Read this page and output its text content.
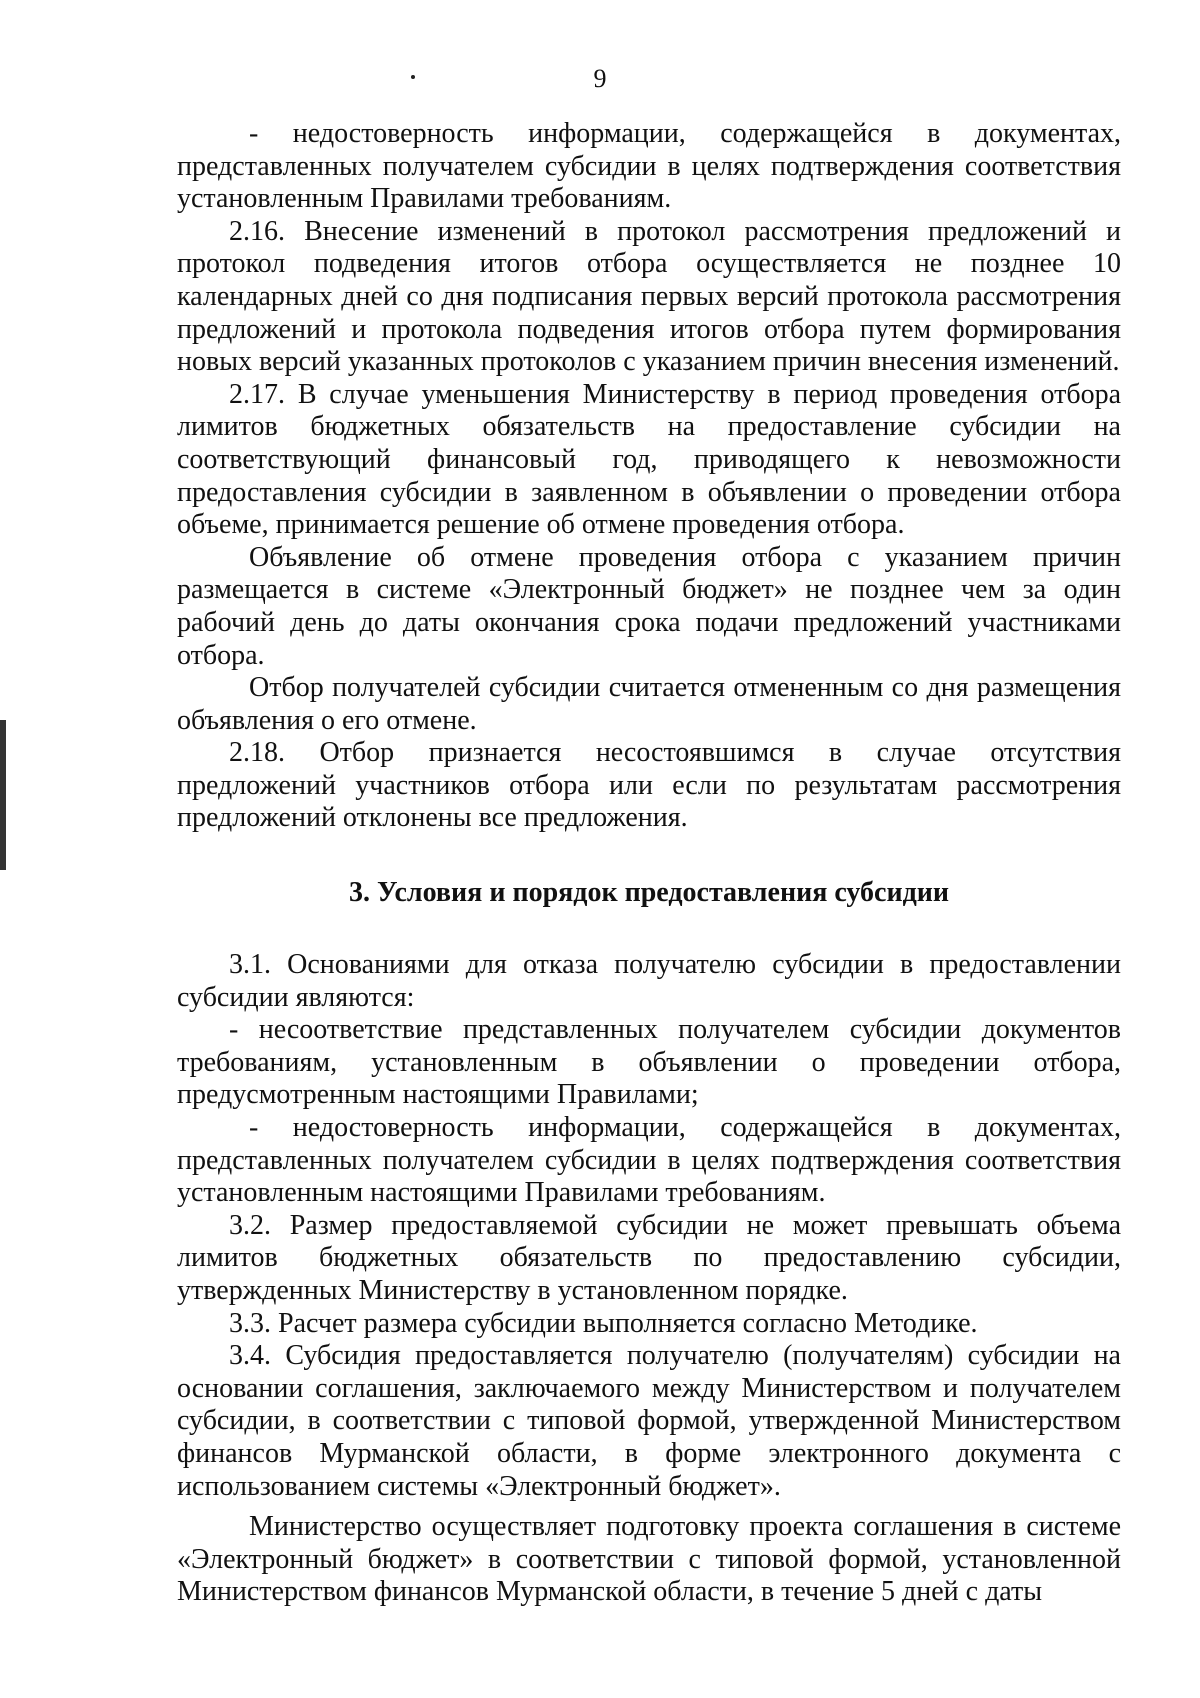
9

- недостоверность информации, содержащейся в документах, представленных получателем субсидии в целях подтверждения соответствия установленным Правилами требованиям.

2.16. Внесение изменений в протокол рассмотрения предложений и протокол подведения итогов отбора осуществляется не позднее 10 календарных дней со дня подписания первых версий протокола рассмотрения предложений и протокола подведения итогов отбора путем формирования новых версий указанных протоколов с указанием причин внесения изменений.

2.17. В случае уменьшения Министерству в период проведения отбора лимитов бюджетных обязательств на предоставление субсидии на соответствующий финансовый год, приводящего к невозможности предоставления субсидии в заявленном в объявлении о проведении отбора объеме, принимается решение об отмене проведения отбора.

Объявление об отмене проведения отбора с указанием причин размещается в системе «Электронный бюджет» не позднее чем за один рабочий день до даты окончания срока подачи предложений участниками отбора.

Отбор получателей субсидии считается отмененным со дня размещения объявления о его отмене.

2.18. Отбор признается несостоявшимся в случае отсутствия предложений участников отбора или если по результатам рассмотрения предложений отклонены все предложения.

3. Условия и порядок предоставления субсидии

3.1. Основаниями для отказа получателю субсидии в предоставлении субсидии являются:

- несоответствие представленных получателем субсидии документов требованиям, установленным в объявлении о проведении отбора, предусмотренным настоящими Правилами;

- недостоверность информации, содержащейся в документах, представленных получателем субсидии в целях подтверждения соответствия установленным настоящими Правилами требованиям.

3.2. Размер предоставляемой субсидии не может превышать объема лимитов бюджетных обязательств по предоставлению субсидии, утвержденных Министерству в установленном порядке.

3.3. Расчет размера субсидии выполняется согласно Методике.

3.4. Субсидия предоставляется получателю (получателям) субсидии на основании соглашения, заключаемого между Министерством и получателем субсидии, в соответствии с типовой формой, утвержденной Министерством финансов Мурманской области, в форме электронного документа с использованием системы «Электронный бюджет».

Министерство осуществляет подготовку проекта соглашения в системе «Электронный бюджет» в соответствии с типовой формой, установленной Министерством финансов Мурманской области, в течение 5 дней с даты
